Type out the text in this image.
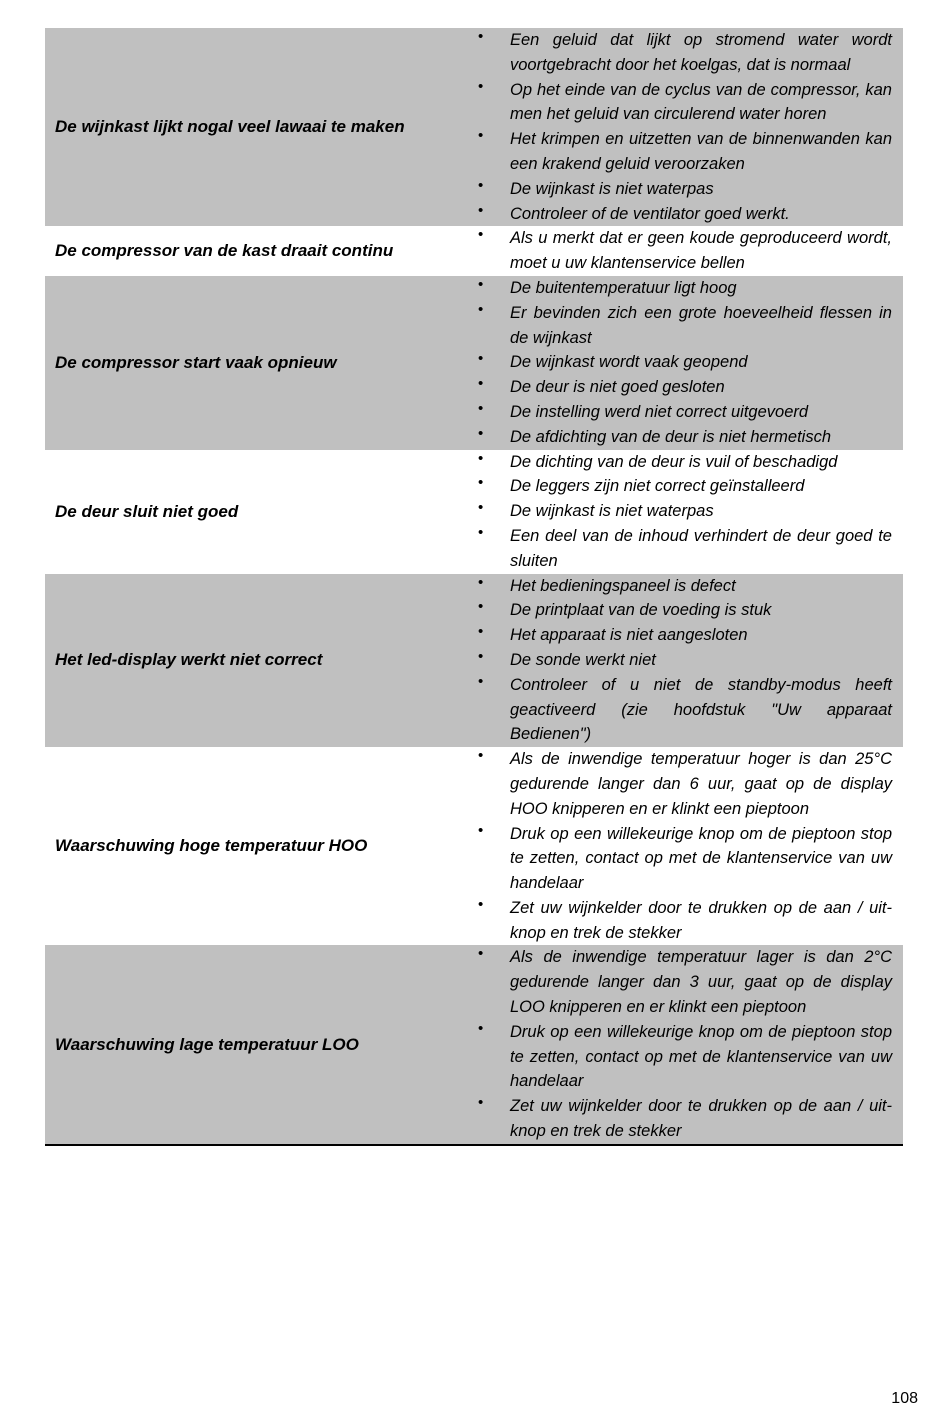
De wijnkast lijkt nogal veel lawaai te maken
•	Een geluid dat lijkt op stromend water wordt voortgebracht door het koelgas, dat is normaal
•	Op het einde van de cyclus van de compressor, kan men het geluid van circulerend water horen
•	Het krimpen en uitzetten van de binnenwanden kan een krakend geluid veroorzaken
•	De wijnkast is niet waterpas
•	Controleer of de ventilator goed werkt.
De compressor van de kast draait continu
•	Als u merkt dat er geen koude geproduceerd wordt, moet u uw klantenservice bellen
De compressor start vaak opnieuw
•	De buitentemperatuur ligt hoog
•	Er bevinden zich een grote hoeveelheid flessen in de wijnkast
•	De wijnkast wordt vaak geopend
•	De deur is niet goed gesloten
•	De instelling werd niet correct uitgevoerd
•	De afdichting van de deur is niet hermetisch
De deur sluit niet goed
•	De dichting van de deur is vuil of beschadigd
•	De leggers zijn niet correct geïnstalleerd
•	De wijnkast is niet waterpas
•	Een deel van de inhoud verhindert de deur goed te sluiten
Het led-display werkt niet correct
•	Het bedieningspaneel is defect
•	De printplaat van de voeding is stuk
•	Het apparaat is niet aangesloten
•	De sonde werkt niet
•	Controleer of u niet de standby-modus heeft geactiveerd (zie hoofdstuk "Uw apparaat Bedienen")
Waarschuwing hoge temperatuur HOO
•	Als de inwendige temperatuur hoger is dan 25°C gedurende langer dan 6 uur, gaat op de display HOO knipperen en er klinkt een pieptoon
•	Druk op een willekeurige knop om de pieptoon stop te zetten, contact op met de klantenservice van uw handelaar
•	Zet uw wijnkelder door te drukken op de aan / uit-knop en trek de stekker
Waarschuwing lage temperatuur LOO
•	Als de inwendige temperatuur lager is dan 2°C gedurende langer dan 3 uur, gaat op de display LOO knipperen en er klinkt een pieptoon
•	Druk op een willekeurige knop om de pieptoon stop te zetten, contact op met de klantenservice van uw handelaar
•	Zet uw wijnkelder door te drukken op de aan / uit-knop en trek de stekker
108
